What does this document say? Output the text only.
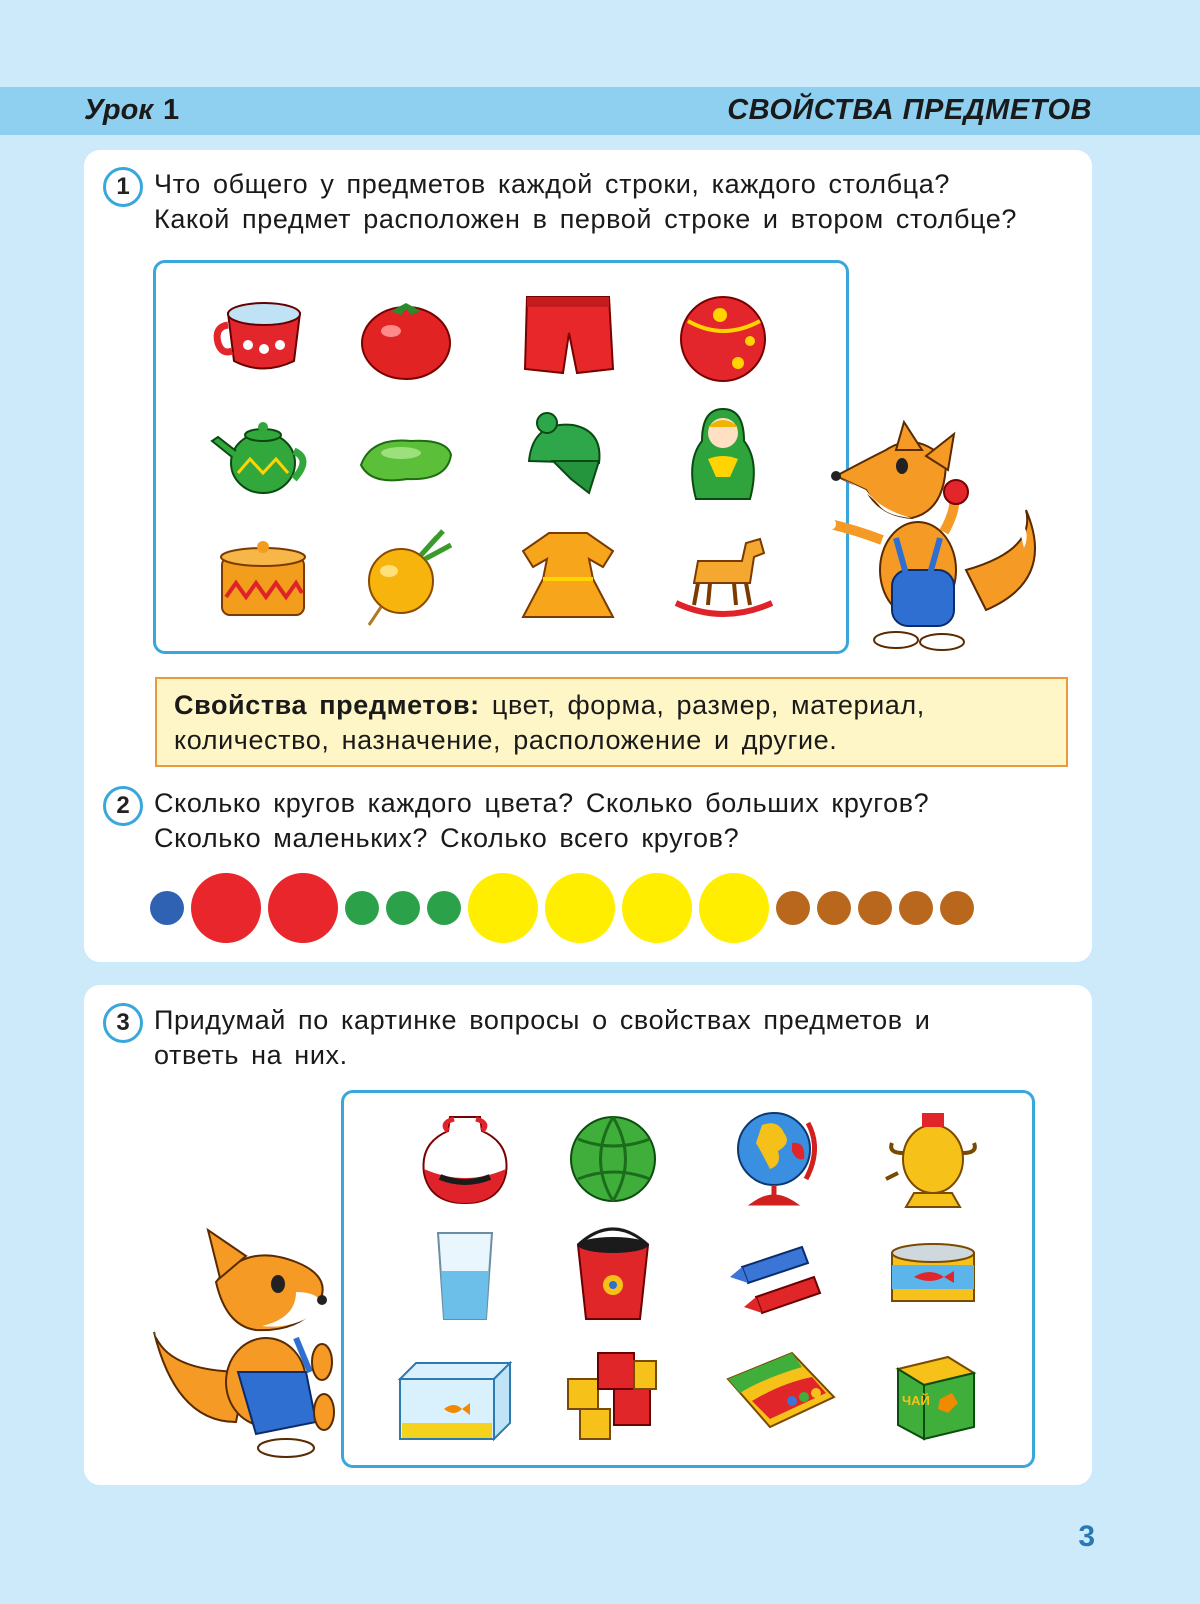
Урок 1	СВОЙСТВА ПРЕДМЕТОВ
1 Что общего у предметов каждой строки, каждого столбца?
Какой предмет расположен в первой строке и втором столбце?
Свойства предметов: цвет, форма, размер, материал,
количество, назначение, расположение и другие.
2 Сколько кругов каждого цвета? Сколько больших кругов?
Сколько маленьких? Сколько всего кругов?
3 Придумай по картинке вопросы о свойствах предметов и
ответь на них.
ЧАЙ
3
